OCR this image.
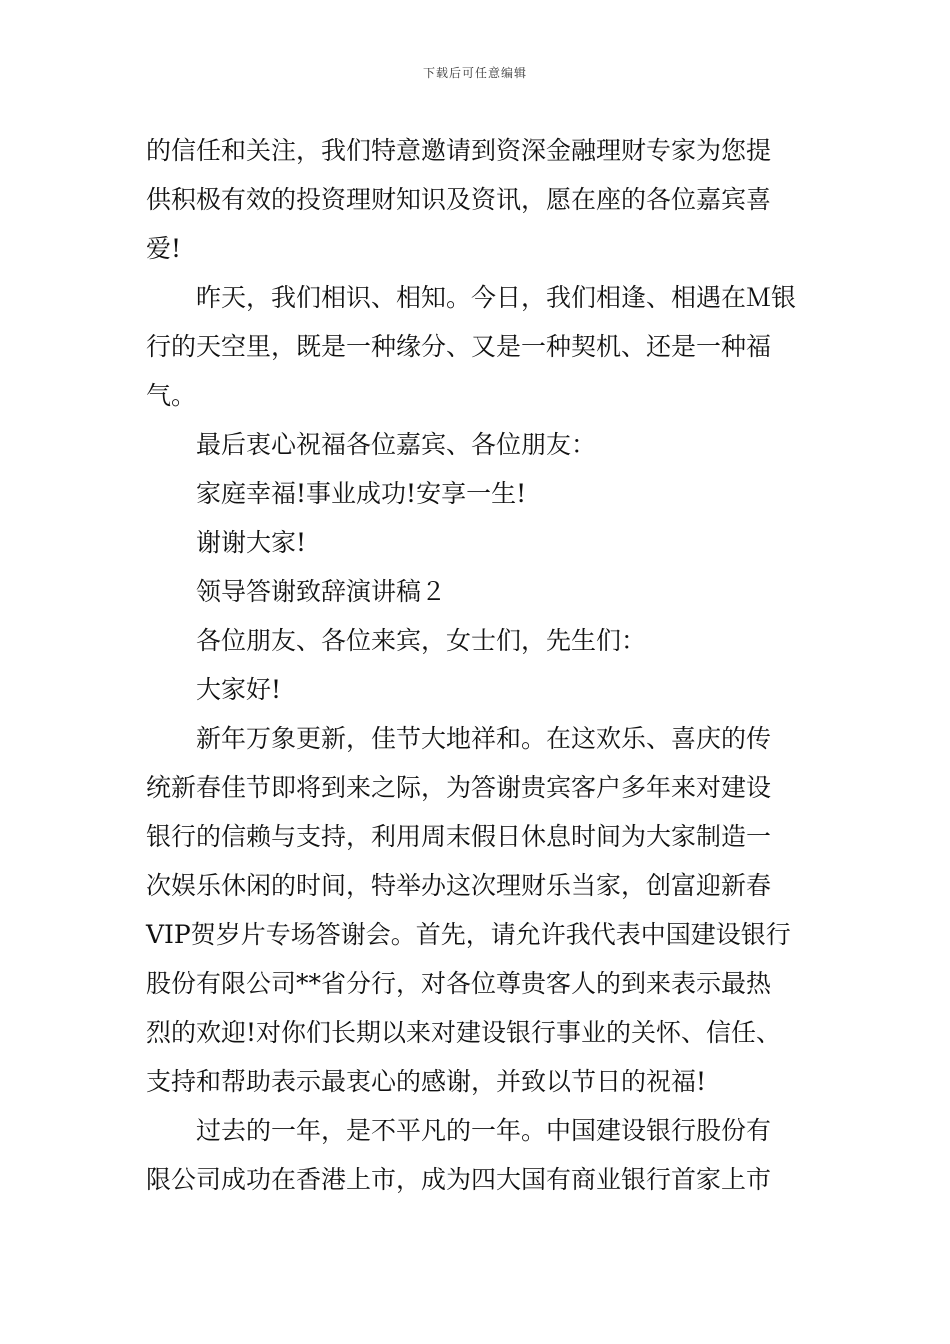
下载后可任意编辑
的信任和关注，我们特意邀请到资深金融理财专家为您提
供积极有效的投资理财知识及资讯，愿在座的各位嘉宾喜
爱!
昨天，我们相识、相知。今日，我们相逢、相遇在Ｍ银
行的天空里，既是一种缘分、又是一种契机、还是一种福
气。
最后衷心祝福各位嘉宾、各位朋友：
家庭幸福!事业成功!安享一生!
谢谢大家!
领导答谢致辞演讲稿２
各位朋友、各位来宾，女士们，先生们：
大家好!
新年万象更新，佳节大地祥和。在这欢乐、喜庆的传
统新春佳节即将到来之际，为答谢贵宾客户多年来对建设
银行的信赖与支持，利用周末假日休息时间为大家制造一
次娱乐休闲的时间，特举办这次理财乐当家，创富迎新春
VIP贺岁片专场答谢会。首先，请允许我代表中国建设银行
股份有限公司**省分行，对各位尊贵客人的到来表示最热
烈的欢迎!对你们长期以来对建设银行事业的关怀、信任、
支持和帮助表示最衷心的感谢，并致以节日的祝福!
过去的一年，是不平凡的一年。中国建设银行股份有
限公司成功在香港上市，成为四大国有商业银行首家上市
